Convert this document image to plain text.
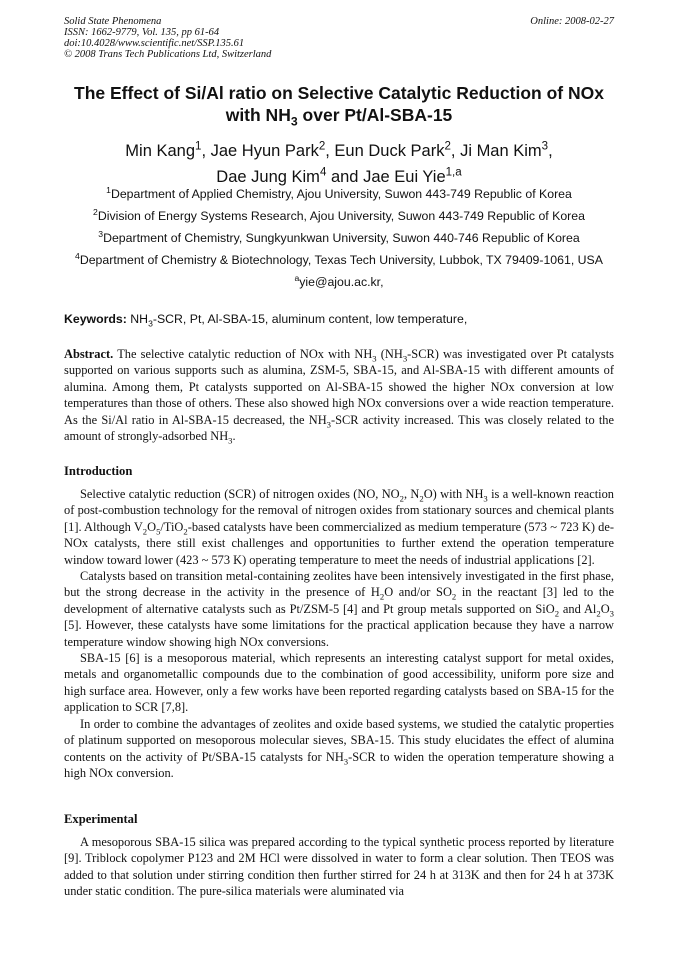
Solid State Phenomena	Online: 2008-02-27
ISSN: 1662-9779, Vol. 135, pp 61-64
doi:10.4028/www.scientific.net/SSP.135.61
© 2008 Trans Tech Publications Ltd, Switzerland
The Effect of Si/Al ratio on Selective Catalytic Reduction of NOx
with $NH_3$ over Pt/Al-SBA-15
Min Kang$^1$, Jae Hyun Park$^2$, Eun Duck Park$^2$, Ji Man Kim$^3$,
Dae Jung Kim$^4$ and Jae Eui Yie$^{1,a}$
$^1$Department of Applied Chemistry, Ajou University, Suwon 443-749 Republic of Korea
$^2$Division of Energy Systems Research, Ajou University, Suwon 443-749 Republic of Korea
$^3$Department of Chemistry, Sungkyunkwan University, Suwon 440-746 Republic of Korea
$^4$Department of Chemistry & Biotechnology, Texas Tech University, Lubbok, TX 79409-1061, USA
$^a$yie@ajou.ac.kr,
Keywords: $NH_3$-SCR, Pt, Al-SBA-15, aluminum content, low temperature,

Abstract. The selective catalytic reduction of NOx with $NH_3$ $(NH_3-SCR)$ was investigated over Pt catalysts supported on various supports such as alumina, ZSM-5, SBA-15, and Al-SBA-15 with different amounts of alumina. Among them, Pt catalysts supported on Al-SBA-15 showed the higher NOx conversion at low temperatures than those of others. These also showed high NOx conversions over a wide reaction temperature. As the Si/Al ratio in Al-SBA-15 decreased, the $NH_3$-SCR activity increased. This was closely related to the amount of strongly-adsorbed $NH_3$.

Introduction

Selective catalytic reduction (SCR) of nitrogen oxides (NO, $NO_2$, $N_2O$) with $NH_3$ is a well-known reaction of post-combustion technology for the removal of nitrogen oxides from stationary sources and chemical plants [1]. Although $V_2O_5/TiO_2$-based catalysts have been commercialized as medium temperature (573 ~ 723 K) de-NOx catalysts, there still exist challenges and opportunities to further extend the operation temperature window toward lower (423 ~ 573 K) operating temperature to meet the needs of industrial applications [2].

Catalysts based on transition metal-containing zeolites have been intensively investigated in the first phase, but the strong decrease in the activity in the presence of $H_2O$ and/or $SO_2$ in the reactant [3] led to the development of alternative catalysts such as Pt/ZSM-5 [4] and Pt group metals supported on SiO$_2$ and $Al_2O_3$ [5]. However, these catalysts have some limitations for the practical application because they have a narrow temperature window showing high NOx conversions.

SBA-15 [6] is a mesoporous material, which represents an interesting catalyst support for metal oxides, metals and organometallic compounds due to the combination of good accessibility, uniform pore size and high surface area. However, only a few works have been reported regarding catalysts based on SBA-15 for the application to SCR [7,8].

In order to combine the advantages of zeolites and oxide based systems, we studied the catalytic properties of platinum supported on mesoporous molecular sieves, SBA-15. This study elucidates the effect of alumina contents on the activity of Pt/SBA-15 catalysts for $NH_3$-SCR to widen the operation temperature showing a high NOx conversion.

Experimental

A mesoporous SBA-15 silica was prepared according to the typical synthetic process reported by literature [9]. Triblock copolymer P123 and 2M HCl were dissolved in water to form a clear solution. Then TEOS was added to that solution under stirring condition then further stirred for 24 h at 313K and then for 24 h at 373K under static condition. The pure-silica materials were aluminated via
